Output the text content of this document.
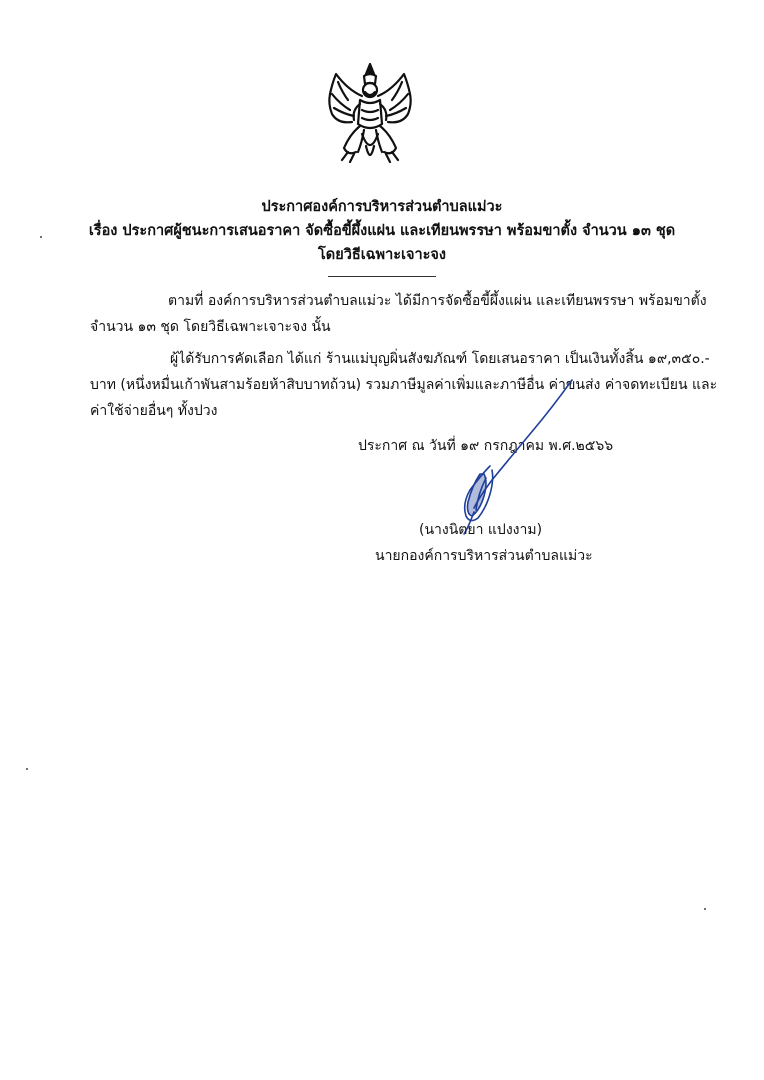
ประกาศองค์การบริหารส่วนตำบลแม่วะ
เรื่อง ประกาศผู้ชนะการเสนอราคา จัดซื้อขี้ผึ้งแผ่น และเทียนพรรษา พร้อมขาตั้ง จำนวน ๑๓ ชุด
โดยวิธีเฉพาะเจาะจง
ตามที่ องค์การบริหารส่วนตำบลแม่วะ ได้มีการจัดซื้อขี้ผึ้งแผ่น และเทียนพรรษา พร้อมขาตั้ง
จำนวน ๑๓ ชุด โดยวิธีเฉพาะเจาะจง นั้น
ผู้ได้รับการคัดเลือก ได้แก่ ร้านแม่บุญผิ่นสังฆภัณฑ์ โดยเสนอราคา เป็นเงินทั้งสิ้น ๑๙,๓๕๐.-
บาท (หนึ่งหมื่นเก้าพันสามร้อยห้าสิบบาทถ้วน) รวมภาษีมูลค่าเพิ่มและภาษีอื่น ค่าขนส่ง ค่าจดทะเบียน และ
ค่าใช้จ่ายอื่นๆ ทั้งปวง
ประกาศ ณ วันที่ ๑๙ กรกฎาคม พ.ศ.๒๕๖๖
(นางนิตยา แปงงาม)
นายกองค์การบริหารส่วนตำบลแม่วะ
